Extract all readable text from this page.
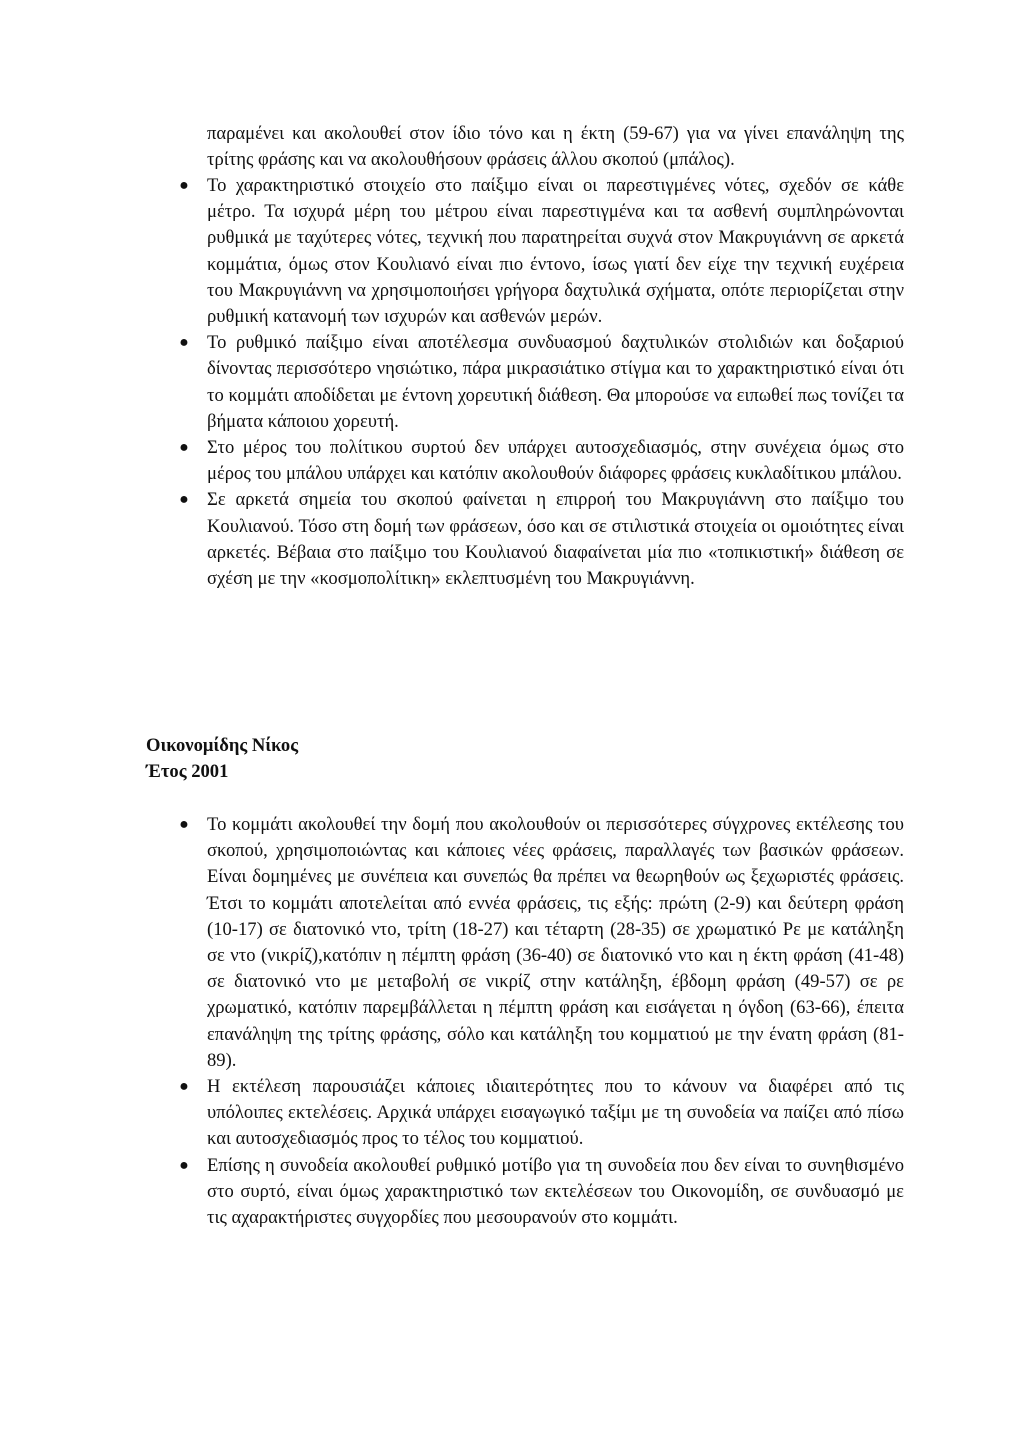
παραμένει και ακολουθεί στον ίδιο τόνο και η έκτη (59-67) για να γίνει επανάληψη της τρίτης φράσης και να ακολουθήσουν φράσεις άλλου σκοπού (μπάλος).

● Το χαρακτηριστικό στοιχείο στο παίξιμο είναι οι παρεστιγμένες νότες, σχεδόν σε κάθε μέτρο. Τα ισχυρά μέρη του μέτρου είναι παρεστιγμένα και τα ασθενή συμπληρώνονται ρυθμικά με ταχύτερες νότες, τεχνική που παρατηρείται συχνά στον Μακρυγιάννη σε αρκετά κομμάτια, όμως στον Κουλιανό είναι πιο έντονο, ίσως γιατί δεν είχε την τεχνική ευχέρεια του Μακρυγιάννη να χρησιμοποιήσει γρήγορα δαχτυλικά σχήματα, οπότε περιορίζεται στην ρυθμική κατανομή των ισχυρών και ασθενών μερών.
● Το ρυθμικό παίξιμο είναι αποτέλεσμα συνδυασμού δαχτυλικών στολιδιών και δοξαριού δίνοντας περισσότερο νησιώτικο, πάρα μικρασιάτικο στίγμα και το χαρακτηριστικό είναι ότι το κομμάτι αποδίδεται με έντονη χορευτική διάθεση. Θα μπορούσε να ειπωθεί πως τονίζει τα βήματα κάποιου χορευτή.
● Στο μέρος του πολίτικου συρτού δεν υπάρχει αυτοσχεδιασμός, στην συνέχεια όμως στο μέρος του μπάλου υπάρχει και κατόπιν ακολουθούν διάφορες φράσεις κυκλαδίτικου μπάλου.
● Σε αρκετά σημεία του σκοπού φαίνεται η επιρροή του Μακρυγιάννη στο παίξιμο του Κουλιανού. Τόσο στη δομή των φράσεων, όσο και σε στιλιστικά στοιχεία οι ομοιότητες είναι αρκετές. Βέβαια στο παίξιμο του Κουλιανού διαφαίνεται μία πιο «τοπικιστική» διάθεση σε σχέση με την «κοσμοπολίτικη» εκλεπτυσμένη του Μακρυγιάννη.
Οικονομίδης Νίκος
Έτος 2001
● Το κομμάτι ακολουθεί την δομή που ακολουθούν οι περισσότερες σύγχρονες εκτέλεσης του σκοπού, χρησιμοποιώντας και κάποιες νέες φράσεις, παραλλαγές των βασικών φράσεων. Είναι δομημένες με συνέπεια και συνεπώς θα πρέπει να θεωρηθούν ως ξεχωριστές φράσεις. Έτσι το κομμάτι αποτελείται από εννέα φράσεις, τις εξής: πρώτη (2-9) και δεύτερη φράση (10-17) σε διατονικό ντο, τρίτη (18-27) και τέταρτη (28-35) σε χρωματικό Ρε με κατάληξη σε ντο (νικρίζ),κατόπιν η πέμπτη φράση (36-40) σε διατονικό ντο και η έκτη φράση (41-48) σε διατονικό ντο με μεταβολή σε νικρίζ στην κατάληξη, έβδομη φράση (49-57) σε ρε χρωματικό, κατόπιν παρεμβάλλεται η πέμπτη φράση και εισάγεται η όγδοη (63-66), έπειτα επανάληψη της τρίτης φράσης, σόλο και κατάληξη του κομματιού με την ένατη φράση (81-89).
● Η εκτέλεση παρουσιάζει κάποιες ιδιαιτερότητες που το κάνουν να διαφέρει από τις υπόλοιπες εκτελέσεις. Αρχικά υπάρχει εισαγωγικό ταξίμι με τη συνοδεία να παίζει από πίσω και αυτοσχεδιασμός προς το τέλος του κομματιού.
● Επίσης η συνοδεία ακολουθεί ρυθμικό μοτίβο για τη συνοδεία που δεν είναι το συνηθισμένο στο συρτό, είναι όμως χαρακτηριστικό των εκτελέσεων του Οικονομίδη, σε συνδυασμό με τις αχαρακτήριστες συγχορδίες που μεσουρανούν στο κομμάτι.
